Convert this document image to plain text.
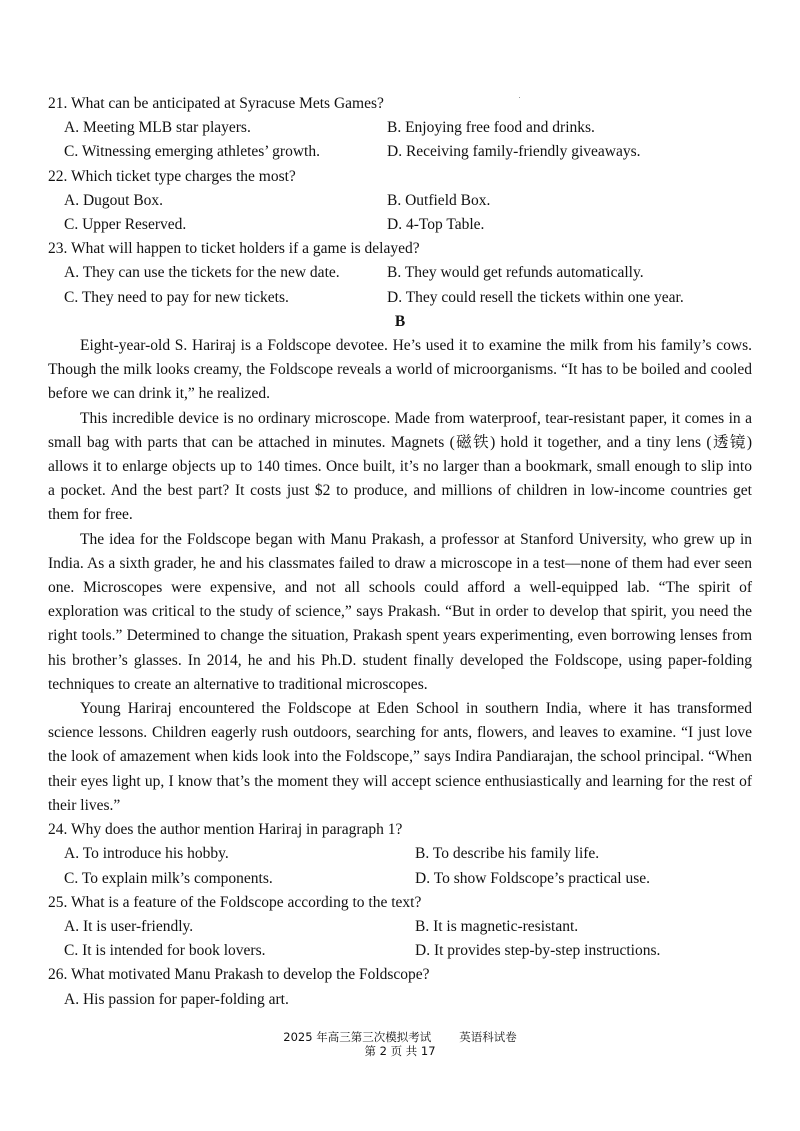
21. What can be anticipated at Syracuse Mets Games?

A. Meeting MLB star players.	B. Enjoying free food and drinks.
C. Witnessing emerging athletes’ growth.	D. Receiving family-friendly giveaways.

22. Which ticket type charges the most?

A. Dugout Box.	B. Outfield Box.
C. Upper Reserved.	D. 4-Top Table.

23. What will happen to ticket holders if a game is delayed?

A. They can use the tickets for the new date.	B. They would get refunds automatically.
C. They need to pay for new tickets.	D. They could resell the tickets within one year.

B

Eight-year-old S. Hariraj is a Foldscope devotee. He’s used it to examine the milk from his family’s cows. Though the milk looks creamy, the Foldscope reveals a world of microorganisms. “It has to be boiled and cooled before we can drink it,” he realized.

This incredible device is no ordinary microscope. Made from waterproof, tear-resistant paper, it comes in a small bag with parts that can be attached in minutes. Magnets (磁铁) hold it together, and a tiny lens (透镜) allows it to enlarge objects up to 140 times. Once built, it’s no larger than a bookmark, small enough to slip into a pocket. And the best part? It costs just $2 to produce, and millions of children in low-income countries get them for free.

The idea for the Foldscope began with Manu Prakash, a professor at Stanford University, who grew up in India. As a sixth grader, he and his classmates failed to draw a microscope in a test—none of them had ever seen one. Microscopes were expensive, and not all schools could afford a well-equipped lab. “The spirit of exploration was critical to the study of science,” says Prakash. “But in order to develop that spirit, you need the right tools.” Determined to change the situation, Prakash spent years experimenting, even borrowing lenses from his brother’s glasses. In 2014, he and his Ph.D. student finally developed the Foldscope, using paper-folding techniques to create an alternative to traditional microscopes.

Young Hariraj encountered the Foldscope at Eden School in southern India, where it has transformed science lessons. Children eagerly rush outdoors, searching for ants, flowers, and leaves to examine. “I just love the look of amazement when kids look into the Foldscope,” says Indira Pandiarajan, the school principal. “When their eyes light up, I know that’s the moment they will accept science enthusiastically and learning for the rest of their lives.”

24. Why does the author mention Hariraj in paragraph 1?

A. To introduce his hobby.	B. To describe his family life.
C. To explain milk’s components.	D. To show Foldscope’s practical use.

25. What is a feature of the Foldscope according to the text?

A. It is user-friendly.	B. It is magnetic-resistant.
C. It is intended for book lovers.	D. It provides step-by-step instructions.

26. What motivated Manu Prakash to develop the Foldscope?

A. His passion for paper-folding art.
2025 年高三第三次模拟考试 英语科试卷
第 2 页 共 17
